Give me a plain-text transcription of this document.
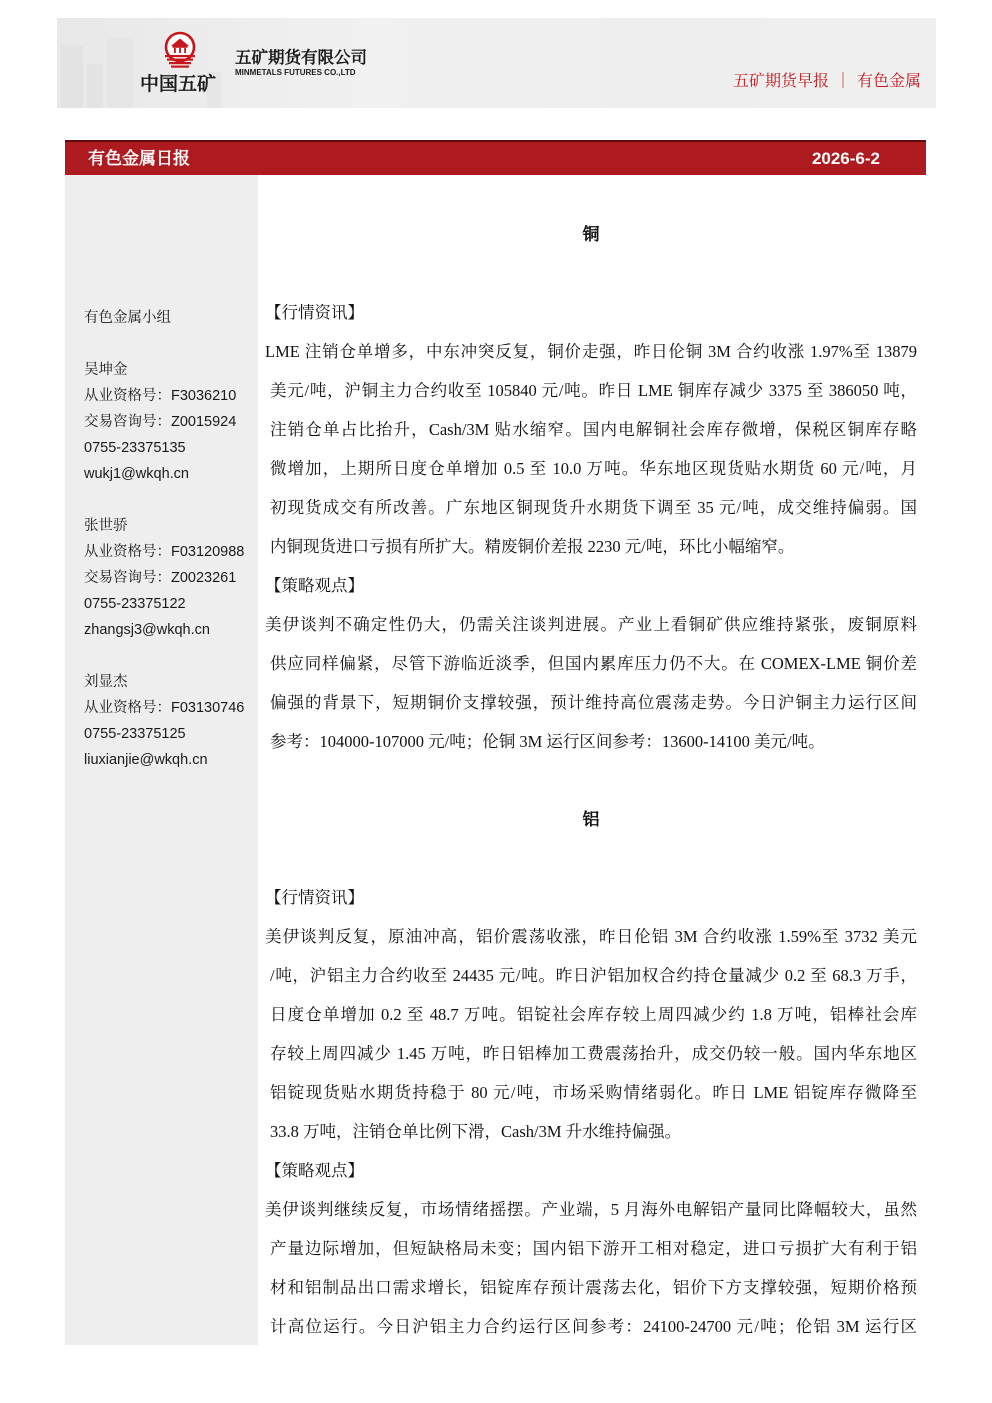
中国五矿
五矿期货有限公司
MINMETALS FUTURES CO.,LTD
五矿期货早报 ｜ 有色金属
有色金属日报	2026-6-2
有色金属小组
吴坤金
从业资格号：F3036210
交易咨询号：Z0015924
0755-23375135
wukj1@wkqh.cn
张世骄
从业资格号：F03120988
交易咨询号：Z0023261
0755-23375122
zhangsj3@wkqh.cn
刘显杰
从业资格号：F03130746
0755-23375125
liuxianjie@wkqh.cn
铜
【行情资讯】
LME 注销仓单增多，中东冲突反复，铜价走强，昨日伦铜 3M 合约收涨 1.97%至 13879
美元/吨，沪铜主力合约收至 105840 元/吨。昨日 LME 铜库存减少 3375 至 386050 吨，
注销仓单占比抬升，Cash/3M 贴水缩窄。国内电解铜社会库存微增，保税区铜库存略
微增加，上期所日度仓单增加 0.5 至 10.0 万吨。华东地区现货贴水期货 60 元/吨，月
初现货成交有所改善。广东地区铜现货升水期货下调至 35 元/吨，成交维持偏弱。国
内铜现货进口亏损有所扩大。精废铜价差报 2230 元/吨，环比小幅缩窄。
【策略观点】
美伊谈判不确定性仍大，仍需关注谈判进展。产业上看铜矿供应维持紧张，废铜原料
供应同样偏紧，尽管下游临近淡季，但国内累库压力仍不大。在 COMEX-LME 铜价差
偏强的背景下，短期铜价支撑较强，预计维持高位震荡走势。今日沪铜主力运行区间
参考：104000-107000 元/吨；伦铜 3M 运行区间参考：13600-14100 美元/吨。
铝
【行情资讯】
美伊谈判反复，原油冲高，铝价震荡收涨，昨日伦铝 3M 合约收涨 1.59%至 3732 美元
/吨，沪铝主力合约收至 24435 元/吨。昨日沪铝加权合约持仓量减少 0.2 至 68.3 万手，
日度仓单增加 0.2 至 48.7 万吨。铝锭社会库存较上周四减少约 1.8 万吨，铝棒社会库
存较上周四减少 1.45 万吨，昨日铝棒加工费震荡抬升，成交仍较一般。国内华东地区
铝锭现货贴水期货持稳于 80 元/吨，市场采购情绪弱化。昨日 LME 铝锭库存微降至
33.8 万吨，注销仓单比例下滑，Cash/3M 升水维持偏强。
【策略观点】
美伊谈判继续反复，市场情绪摇摆。产业端，5 月海外电解铝产量同比降幅较大，虽然
产量边际增加，但短缺格局未变；国内铝下游开工相对稳定，进口亏损扩大有利于铝
材和铝制品出口需求增长，铝锭库存预计震荡去化，铝价下方支撑较强，短期价格预
计高位运行。今日沪铝主力合约运行区间参考：24100-24700 元/吨；伦铝 3M 运行区
